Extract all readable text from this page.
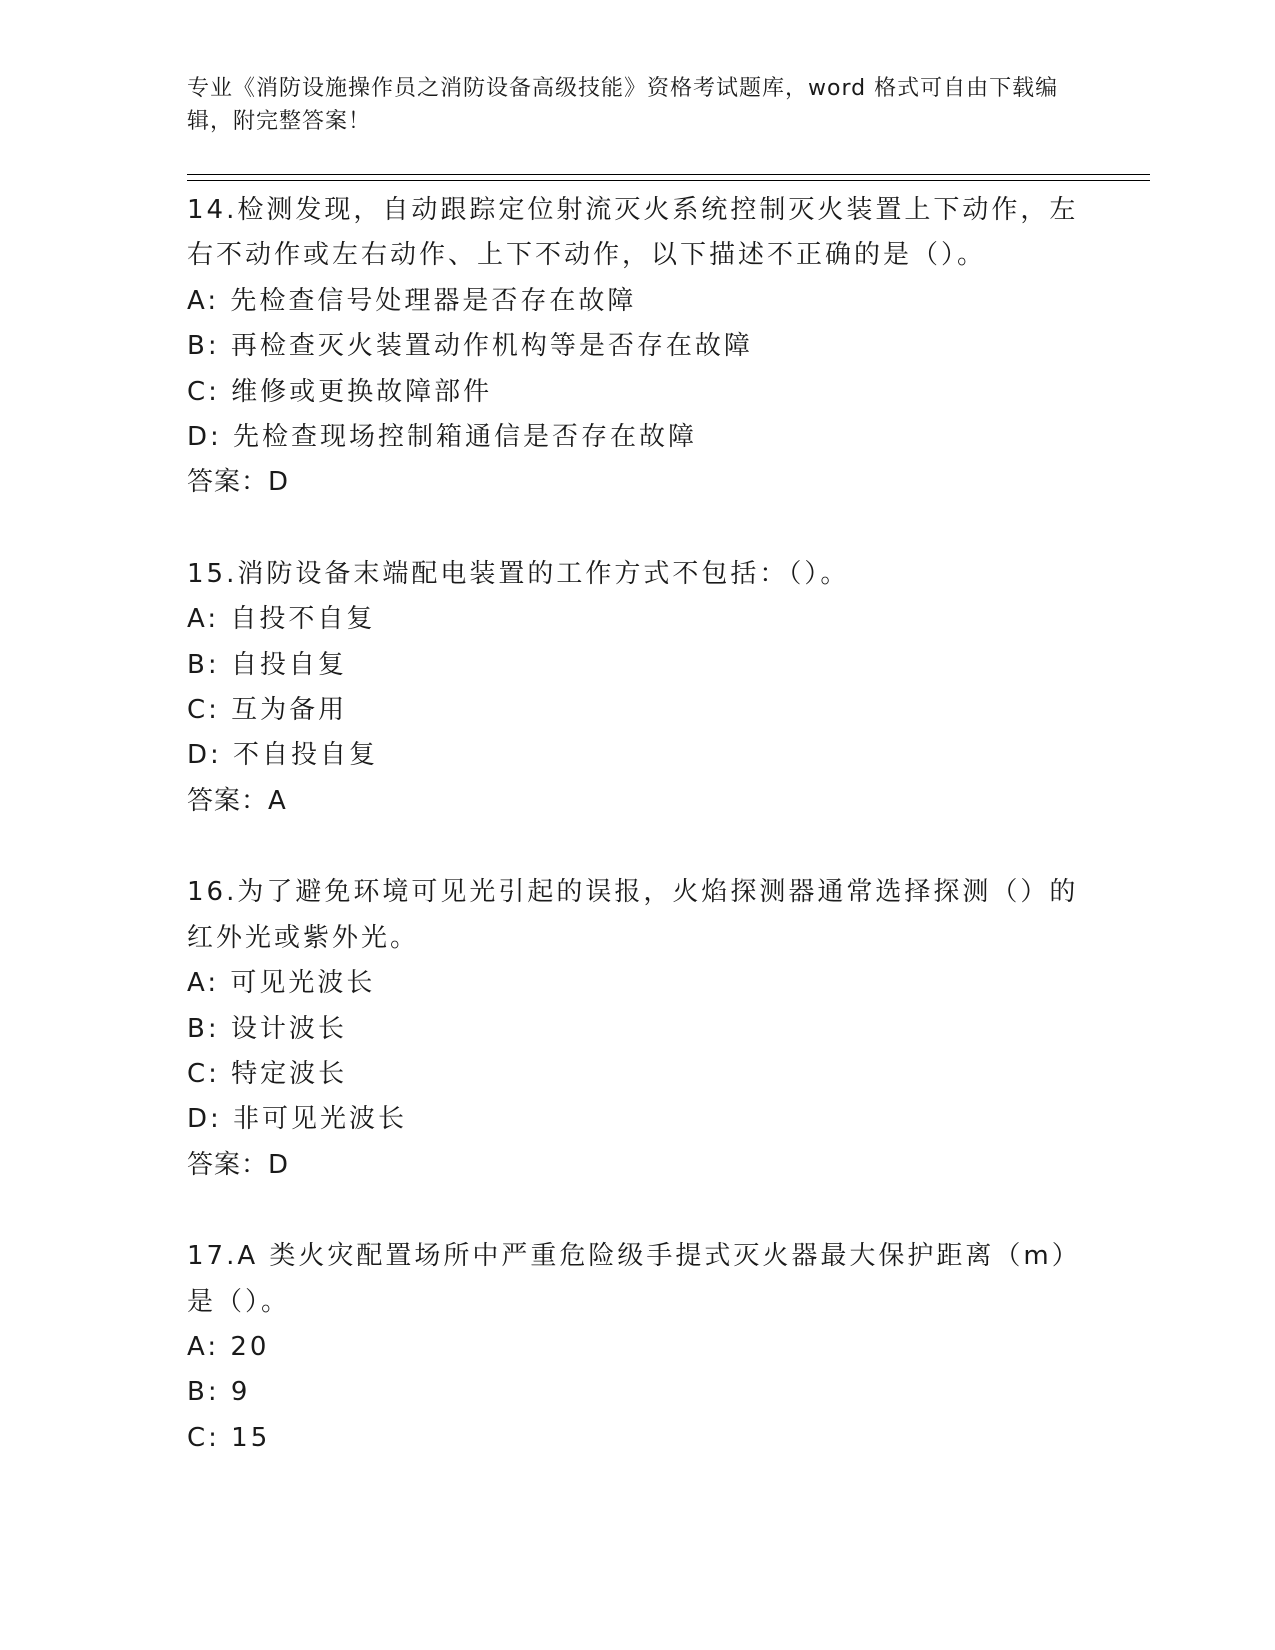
专业《消防设施操作员之消防设备高级技能》资格考试题库，word 格式可自由下载编辑，附完整答案！
14.检测发现，自动跟踪定位射流灭火系统控制灭火装置上下动作，左右不动作或左右动作、上下不动作，以下描述不正确的是（）。
A: 先检查信号处理器是否存在故障
B: 再检查灭火装置动作机构等是否存在故障
C: 维修或更换故障部件
D: 先检查现场控制箱通信是否存在故障
答案：D
15.消防设备末端配电装置的工作方式不包括：（）。
A: 自投不自复
B: 自投自复
C: 互为备用
D: 不自投自复
答案：A
16.为了避免环境可见光引起的误报，火焰探测器通常选择探测（）的红外光或紫外光。
A: 可见光波长
B: 设计波长
C: 特定波长
D: 非可见光波长
答案：D
17.A 类火灾配置场所中严重危险级手提式灭火器最大保护距离（m）是（）。
A: 20
B: 9
C: 15
